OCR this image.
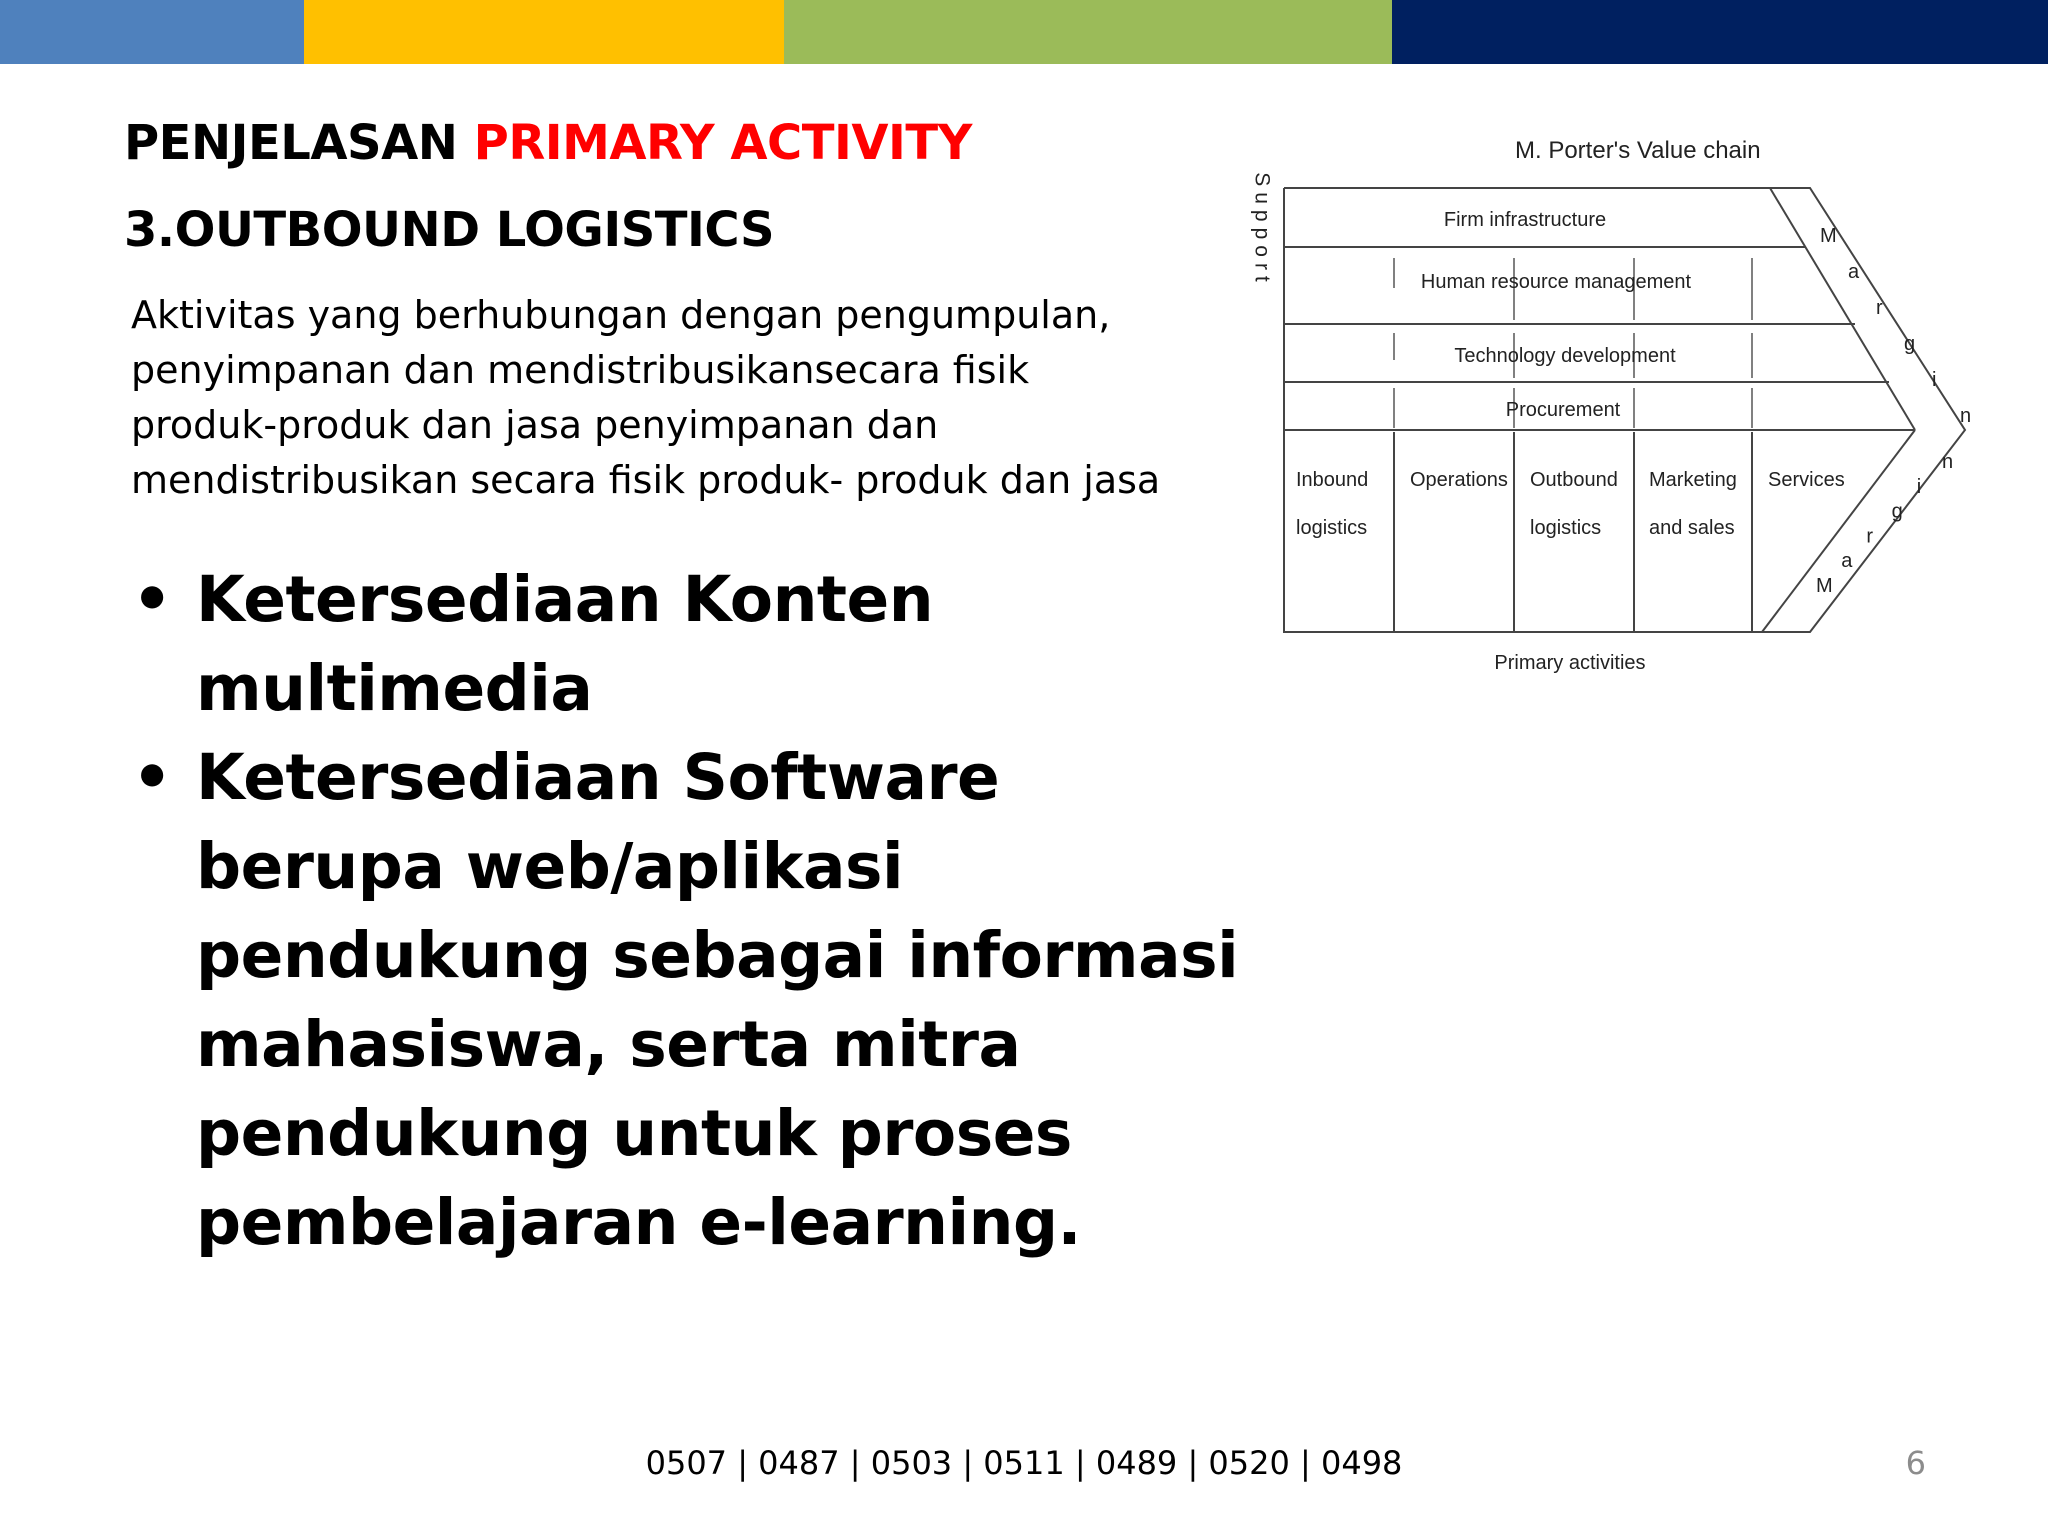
PENJELASAN PRIMARY ACTIVITY
3.OUTBOUND LOGISTICS

Aktivitas yang berhubungan dengan pengumpulan, penyimpanan dan mendistribusikansecara fisik produk-produk dan jasa penyimpanan dan mendistribusikan secara fisik produk- produk dan jasa

• Ketersediaan Konten multimedia
• Ketersediaan Software berupa web/aplikasi pendukung sebagai informasi mahasiswa, serta mitra pendukung untuk proses pembelajaran e-learning.
M. Porter's Value chain
Support	Firm infrastructure
Human resource management
Technology development
Procurement
Inbound
logistics
Operations Outbound
logistics
Marketing
and sales
Services
M
a
r
g
i
n
M
a
r
g
i
n
Primary activities
0507 | 0487 | 0503 | 0511 | 0489 | 0520 | 0498	6
